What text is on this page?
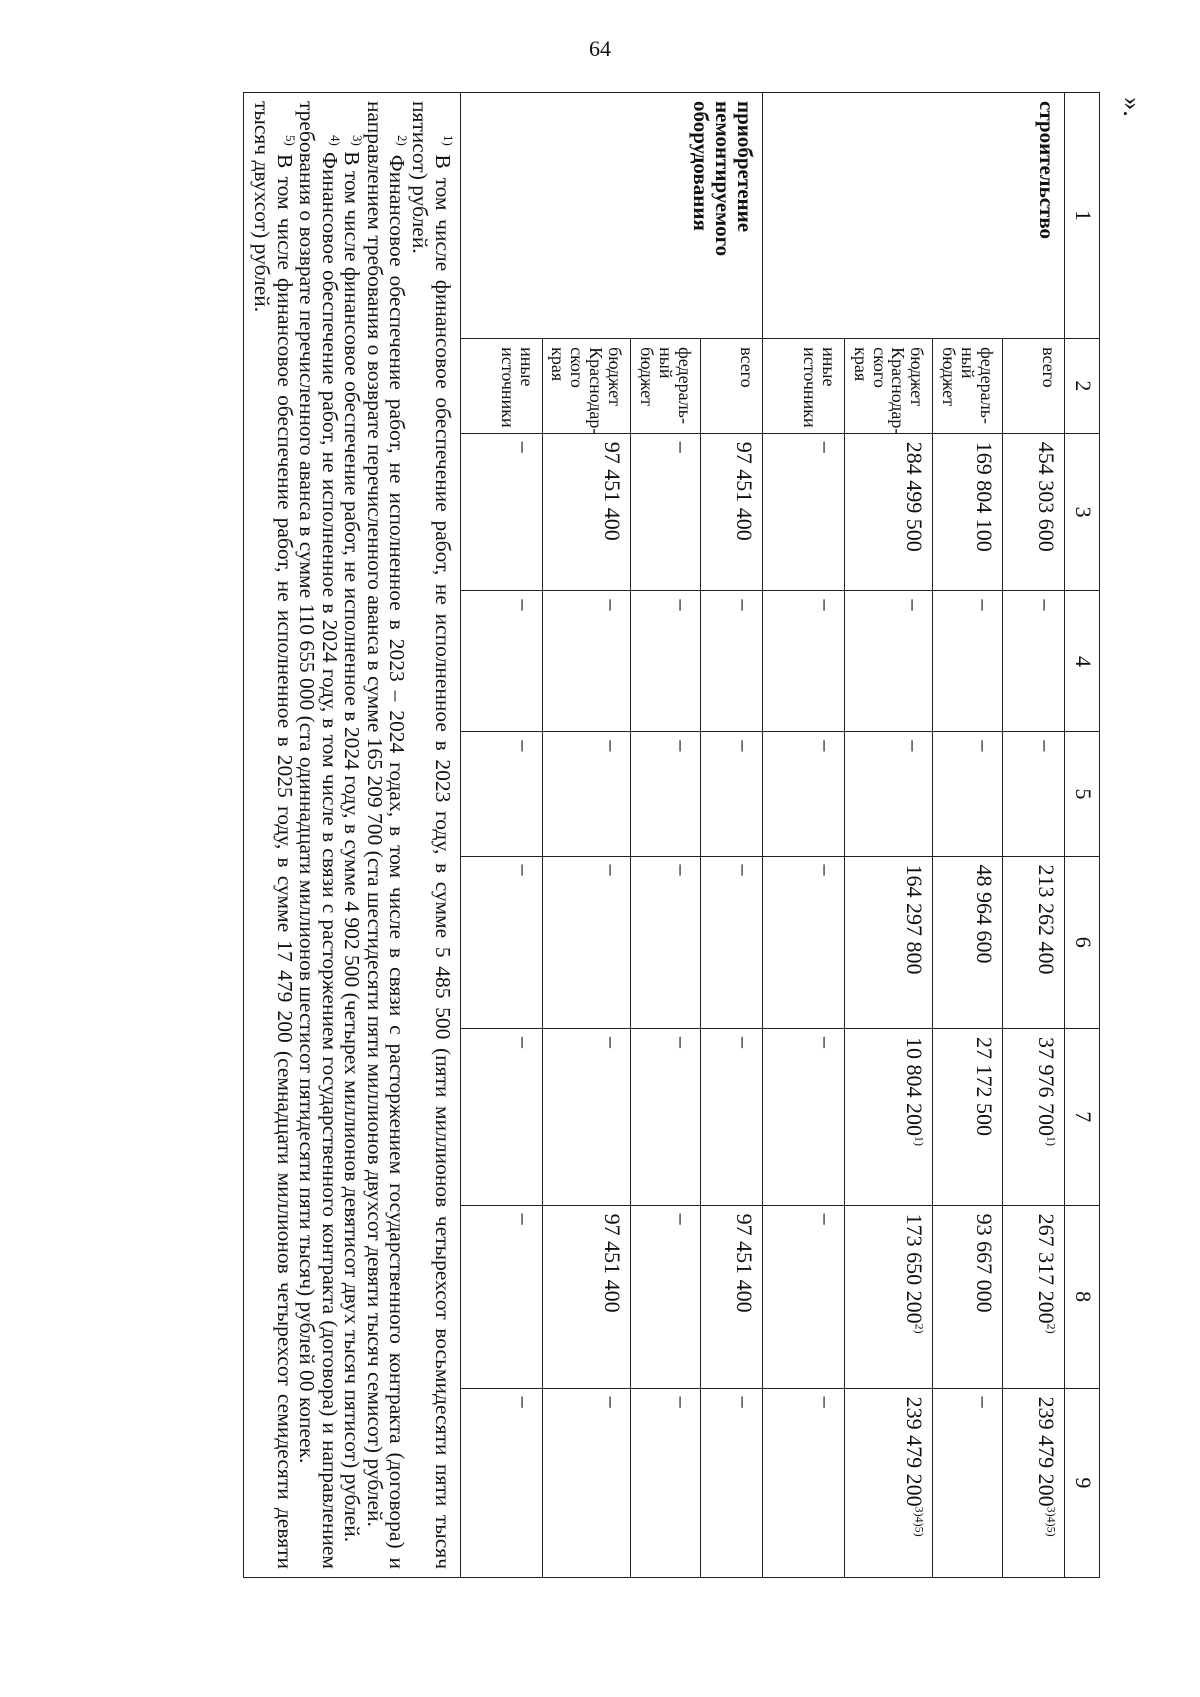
64
».
1	2	3	4	5	6	7	8	9
строительство	всего	454 303 600	–	–	213 262 400	37 976 700$^{1)}$	267 317 200$^{2)}$	239 479 $200^{3)4)5)}$
	федераль-ный бюджет	169 804 100	–	–	48 964 600	27 172 500	93 667 000	–
	бюджет Краснодар-ского края	284 499 500	–	–	164 297 800	10 804 200$^{1)}$	173 650 200$^{2)}$	239 479 $200^{3)4)5)}$
	иные источники	–	–	–	–	–	–	–
приобретение немонтируемого оборудования	всего	97 451 400	–	–	–	–	97 451 400	–
	федераль-ный бюджет	–	–	–	–	–	–	–
	бюджет Краснодар-ского края	97 451 400	–	–	–	–	97 451 400	–
	иные источники	–	–	–	–	–	–	–

$^{1)}$ В том числе финансовое обеспечение работ, не исполненное в 2023 году, в сумме 5 485 500 (пяти миллионов четырехсот восьмидесяти пяти тысяч пятисот) рублей.

$^{2)}$ Финансовое обеспечение работ, не исполненное в 2023 – 2024 годах, в том числе в связи с расторжением государственного контракта (договора) и направлением требования о возврате перечисленного аванса в сумме 165 209 700 (ста шестидесяти пяти миллионов двухсот девяти тысяч семисот) рублей.

$^{3)}$ В том числе финансовое обеспечение работ, не исполненное в 2024 году, в сумме 4 902 500 (четырех миллионов девятисот двух тысяч пятисот) рублей.

$^{4)}$ Финансовое обеспечение работ, не исполненное в 2024 году, в том числе в связи с расторжением государственного контракта (договора) и направлением требования о возврате перечисленного аванса в сумме 110 655 000 (ста одиннадцати миллионов шестисот пятидесяти пяти тысяч) рублей 00 копеек.

$^{5)}$ В том числе финансовое обеспечение работ, не исполненное в 2025 году, в сумме 17 479 200 (семнадцати миллионов четырехсот семидесяти девяти тысяч двухсот) рублей.								
